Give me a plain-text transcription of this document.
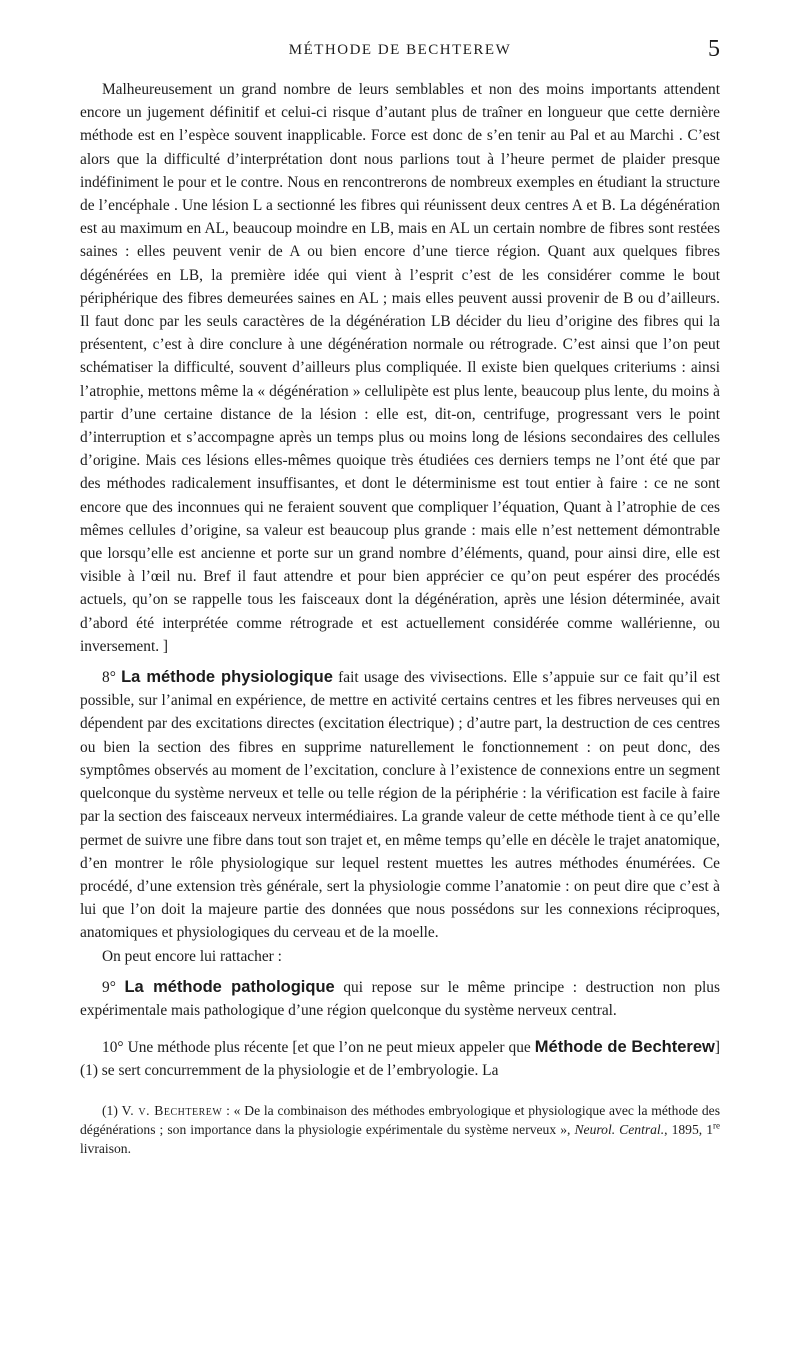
MÉTHODE DE BECHTEREW	5

Malheureusement un grand nombre de leurs semblables et non des moins importants attendent encore un jugement définitif et celui-ci risque d’autant plus de traîner en longueur que cette dernière méthode est en l’espèce souvent inapplicable. Force est donc de s’en tenir au Pal et au Marchi . C’est alors que la difficulté d’interprétation dont nous parlions tout à l’heure permet de plaider presque indéfiniment le pour et le contre. Nous en rencontrerons de nombreux exemples en étudiant la structure de l’encéphale . Une lésion L a sectionné les fibres qui réunissent deux centres A et B. La dégénération est au maximum en AL, beaucoup moindre en LB, mais en AL un certain nombre de fibres sont restées saines : elles peuvent venir de A ou bien encore d’une tierce région. Quant aux quelques fibres dégénérées en LB, la première idée qui vient à l’esprit c’est de les considérer comme le bout périphérique des fibres demeurées saines en AL ; mais elles peuvent aussi provenir de B ou d’ailleurs. Il faut donc par les seuls caractères de la dégénération LB décider du lieu d’origine des fibres qui la présentent, c’est à dire conclure à une dégénération normale ou rétrograde. C’est ainsi que l’on peut schématiser la difficulté, souvent d’ailleurs plus compliquée. Il existe bien quelques criteriums : ainsi l’atrophie, mettons même la « dégénération » cellulipète est plus lente, beaucoup plus lente, du moins à partir d’une certaine distance de la lésion : elle est, dit-on, centrifuge, progressant vers le point d’interruption et s’accompagne après un temps plus ou moins long de lésions secondaires des cellules d’origine. Mais ces lésions elles-mêmes quoique très étudiées ces derniers temps ne l’ont été que par des méthodes radicalement insuffisantes, et dont le déterminisme est tout entier à faire : ce ne sont encore que des inconnues qui ne feraient souvent que compliquer l’équation, Quant à l’atrophie de ces mêmes cellules d’origine, sa valeur est beaucoup plus grande : mais elle n’est nettement démontrable que lorsqu’elle est ancienne et porte sur un grand nombre d’éléments, quand, pour ainsi dire, elle est visible à l’œil nu. Bref il faut attendre et pour bien apprécier ce qu’on peut espérer des procédés actuels, qu’on se rappelle tous les faisceaux dont la dégénération, après une lésion déterminée, avait d’abord été interprétée comme rétrograde et est actuellement considérée comme wallérienne, ou inversement. ]

8° La méthode physiologique fait usage des vivisections. Elle s’appuie sur ce fait qu’il est possible, sur l’animal en expérience, de mettre en activité certains centres et les fibres nerveuses qui en dépendent par des excitations directes (excitation électrique) ; d’autre part, la destruction de ces centres ou bien la section des fibres en supprime naturellement le fonctionnement : on peut donc, des symptômes observés au moment de l’excitation, conclure à l’existence de connexions entre un segment quelconque du système nerveux et telle ou telle région de la périphérie : la vérification est facile à faire par la section des faisceaux nerveux intermédiaires. La grande valeur de cette méthode tient à ce qu’elle permet de suivre une fibre dans tout son trajet et, en même temps qu’elle en décèle le trajet anatomique, d’en montrer le rôle physiologique sur lequel restent muettes les autres méthodes énumérées. Ce procédé, d’une extension très générale, sert la physiologie comme l’anatomie : on peut dire que c’est à lui que l’on doit la majeure partie des données que nous possédons sur les connexions réciproques, anatomiques et physiologiques du cerveau et de la moelle.

On peut encore lui rattacher :

9° La méthode pathologique qui repose sur le même principe : destruction non plus expérimentale mais pathologique d’une région quelconque du système nerveux central.

10° Une méthode plus récente [et que l’on ne peut mieux appeler que Méthode de Bechterew] (1) se sert concurremment de la physiologie et de l’embryologie. La

(1) V. v. Bechterew : « De la combinaison des méthodes embryologique et physiologique avec la méthode des dégénérations ; son importance dans la physiologie expérimentale du système nerveux », Neurol. Central., 1895, 1re livraison.
